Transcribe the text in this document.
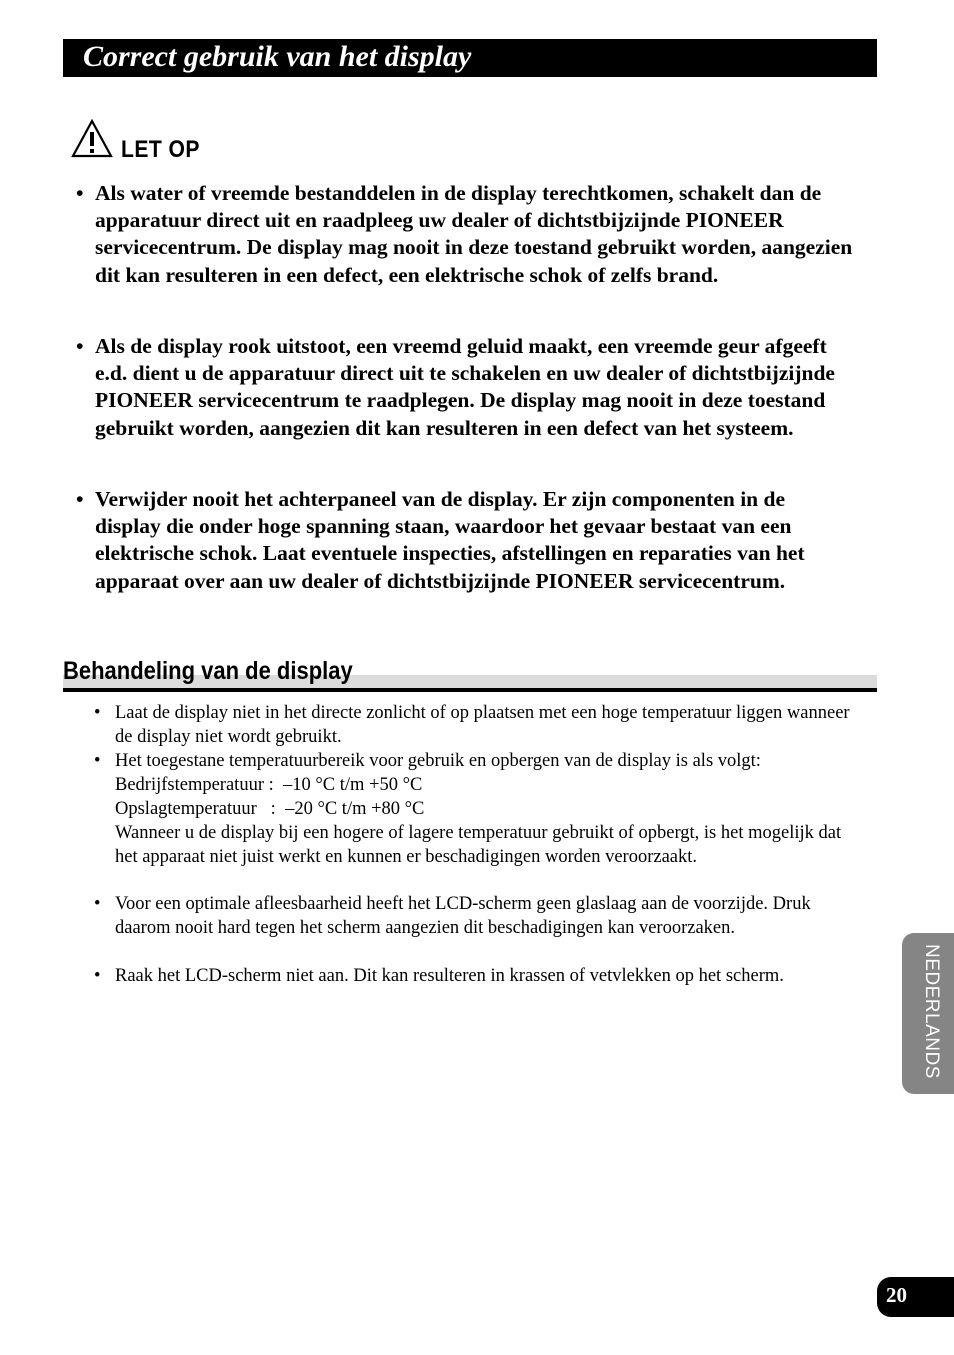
Correct gebruik van het display
LET OP
• Als water of vreemde bestanddelen in de display terechtkomen, schakelt dan de apparatuur direct uit en raadpleeg uw dealer of dichtstbijzijnde PIONEER servicecentrum. De display mag nooit in deze toestand gebruikt worden, aangezien dit kan resulteren in een defect, een elektrische schok of zelfs brand.
• Als de display rook uitstoot, een vreemd geluid maakt, een vreemde geur afgeeft e.d. dient u de apparatuur direct uit te schakelen en uw dealer of dichtstbijzijnde PIONEER servicecentrum te raadplegen. De display mag nooit in deze toestand gebruikt worden, aangezien dit kan resulteren in een defect van het systeem.
• Verwijder nooit het achterpaneel van de display. Er zijn componenten in de display die onder hoge spanning staan, waardoor het gevaar bestaat van een elektrische schok. Laat eventuele inspecties, afstellingen en reparaties van het apparaat over aan uw dealer of dichtstbijzijnde PIONEER servicecentrum.
Behandeling van de display
• Laat de display niet in het directe zonlicht of op plaatsen met een hoge temperatuur liggen wanneer de display niet wordt gebruikt.
• Het toegestane temperatuurbereik voor gebruik en opbergen van de display is als volgt:
Bedrijfstemperatuur :  –10 °C t/m +50 °C
Opslagtemperatuur   :  –20 °C t/m +80 °C
Wanneer u de display bij een hogere of lagere temperatuur gebruikt of opbergt, is het mogelijk dat het apparaat niet juist werkt en kunnen er beschadigingen worden veroorzaakt.
• Voor een optimale afleesbaarheid heeft het LCD-scherm geen glaslaag aan de voorzijde. Druk daarom nooit hard tegen het scherm aangezien dit beschadigingen kan veroorzaken.
• Raak het LCD-scherm niet aan. Dit kan resulteren in krassen of vetvlekken op het scherm.	NEDERLANDS
20
